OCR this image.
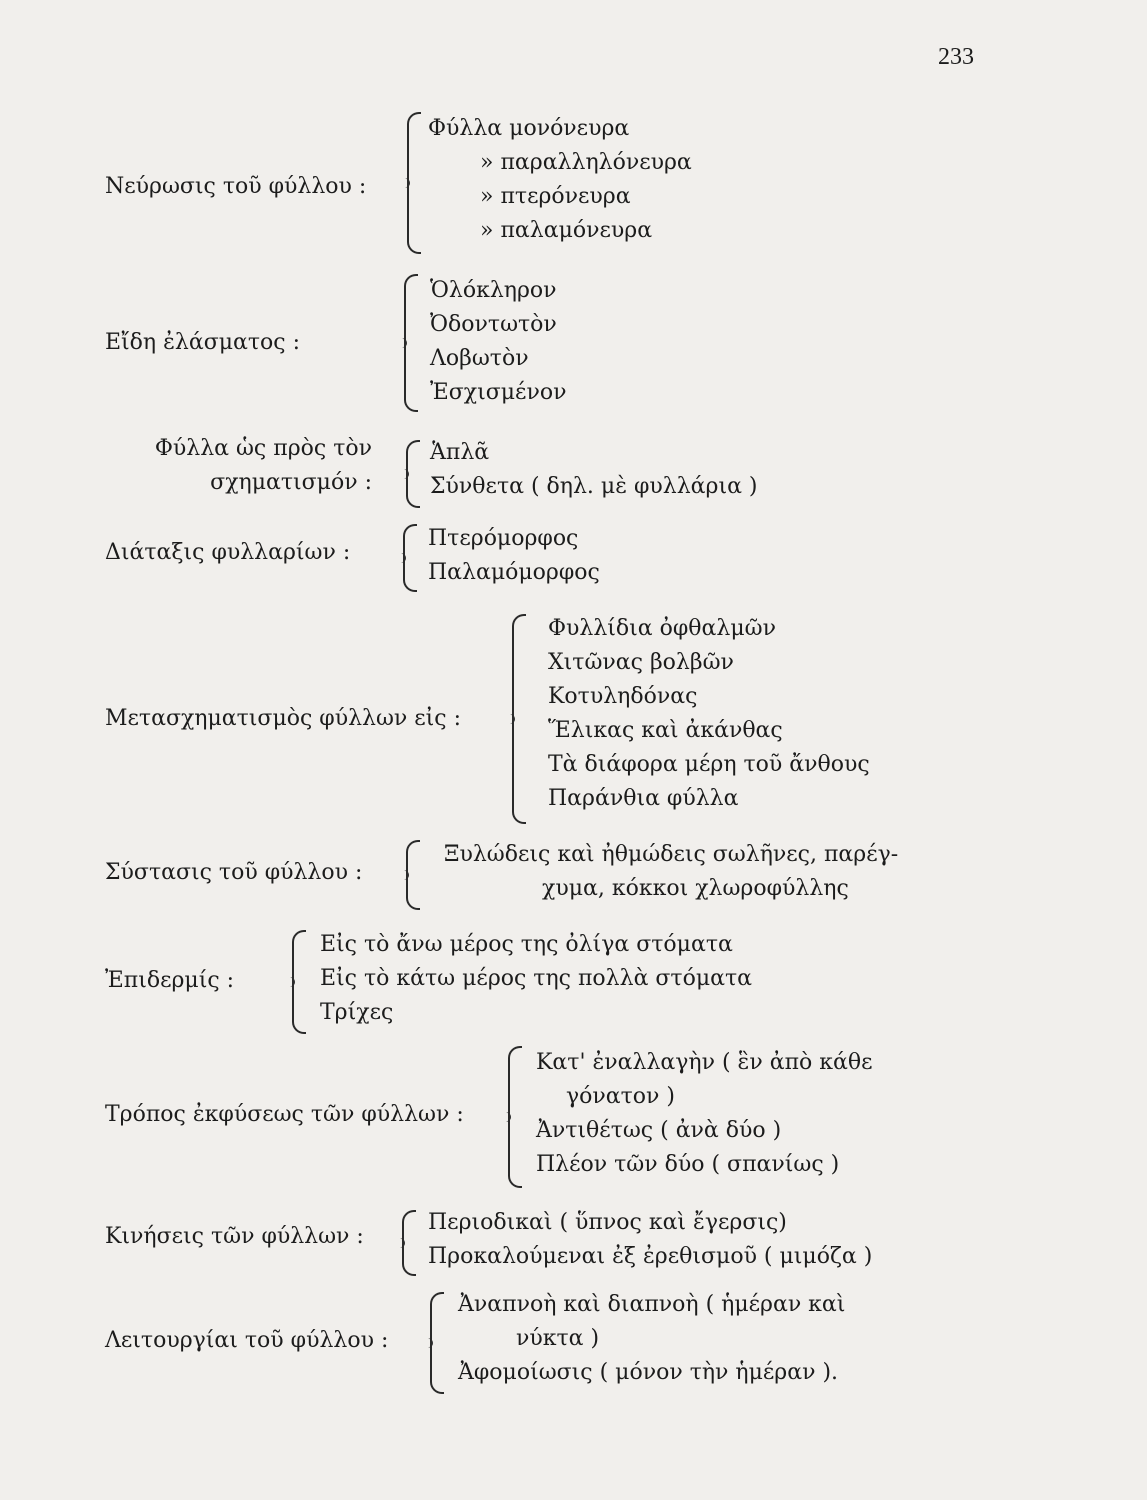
233
Νεύρωσις τοῦ φύλλου :
Φύλλα μονόνευρα
» παραλληλόνευρα
» πτερόνευρα
» παλαμόνευρα
Εἴδη ἐλάσματος :
Ὁλόκληρον
Ὀδοντωτὸν
Λοβωτὸν
Ἐσχισμένον
Φύλλα ὡς πρὸς τὸν
σχηματισμόν :
Ἁπλᾶ
Σύνθετα ( δηλ. μὲ φυλλάρια )
Διάταξις φυλλαρίων :
Πτερόμορφος
Παλαμόμορφος
Μετασχηματισμὸς φύλλων εἰς :
Φυλλίδια ὀφθαλμῶν
Χιτῶνας βολβῶν
Κοτυληδόνας
Ἕλικας καὶ ἀκάνθας
Τὰ διάφορα μέρη τοῦ ἄνθους
Παράνθια φύλλα
Σύστασις τοῦ φύλλου :
Ξυλώδεις καὶ ἠθμώδεις σωλῆνες, παρέγ-
χυμα, κόκκοι χλωροφύλλης
Ἐπιδερμίς :
Εἰς τὸ ἄνω μέρος της ὀλίγα στόματα
Εἰς τὸ κάτω μέρος της πολλὰ στόματα
Τρίχες
Τρόπος ἐκφύσεως τῶν φύλλων :
Κατ' ἐναλλαγὴν ( ἓν ἀπὸ κάθε
γόνατον )
Ἀντιθέτως ( ἀνὰ δύο )
Πλέον τῶν δύο ( σπανίως )
Κινήσεις τῶν φύλλων :
Περιοδικαὶ ( ὕπνος καὶ ἔγερσις)
Προκαλούμεναι ἐξ ἐρεθισμοῦ ( μιμόζα )
Λειτουργίαι τοῦ φύλλου :
Ἀναπνοὴ καὶ διαπνοὴ ( ἡμέραν καὶ
νύκτα )
Ἀφομοίωσις ( μόνον τὴν ἡμέραν ).
